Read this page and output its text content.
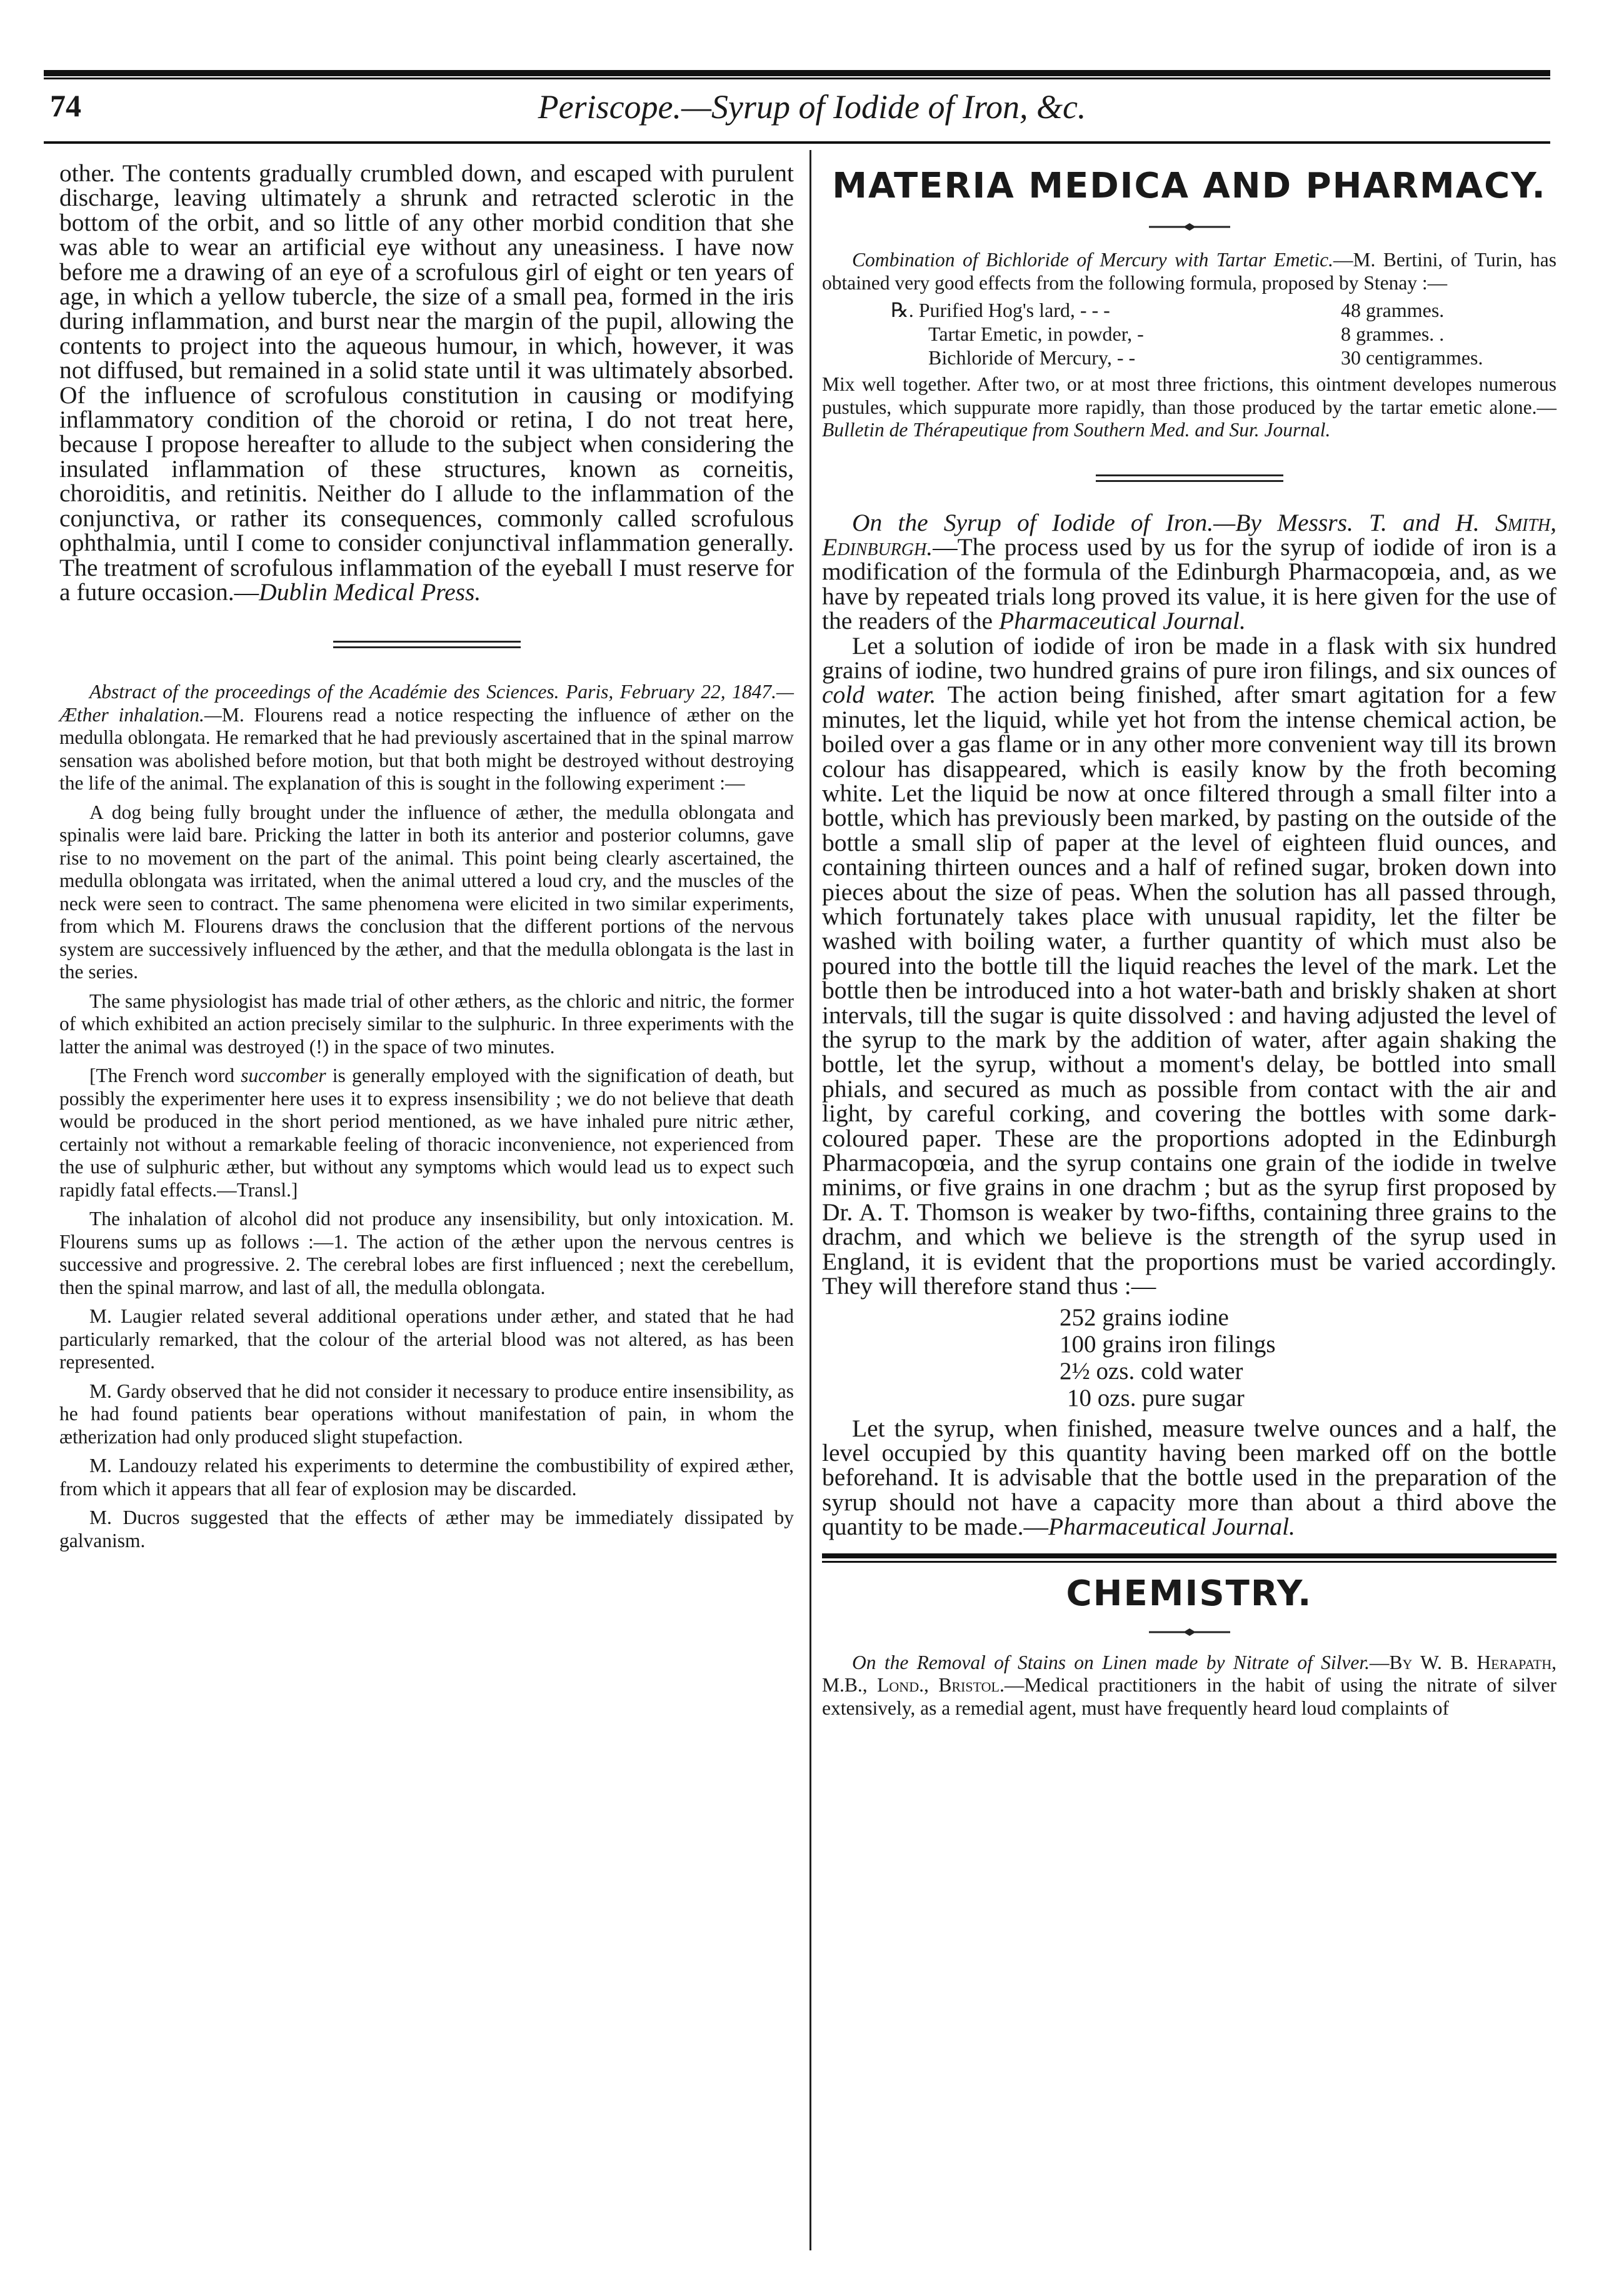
74	Periscope.—Syrup of Iodide of Iron, &c.

other. The contents gradually crumbled down, and escaped with purulent discharge, leaving ultimately a shrunk and retracted sclerotic in the bottom of the orbit, and so little of any other morbid condition that she was able to wear an artificial eye without any uneasiness. I have now before me a drawing of an eye of a scrofulous girl of eight or ten years of age, in which a yellow tubercle, the size of a small pea, formed in the iris during inflammation, and burst near the margin of the pupil, allowing the contents to project into the aqueous humour, in which, however, it was not diffused, but remained in a solid state until it was ultimately absorbed. Of the influence of scrofulous constitution in causing or modifying inflammatory condition of the choroid or retina, I do not treat here, because I propose hereafter to allude to the subject when considering the insulated inflammation of these structures, known as corneitis, choroiditis, and retinitis. Neither do I allude to the inflammation of the conjunctiva, or rather its consequences, commonly called scrofulous ophthalmia, until I come to consider conjunctival inflammation generally. The treatment of scrofulous inflammation of the eyeball I must reserve for a future occasion.—Dublin Medical Press.

Abstract of the proceedings of the Académie des Sciences. Paris, February 22, 1847.—Æther inhalation.—M. Flourens read a notice respecting the influence of æther on the medulla oblongata. He remarked that he had previously ascertained that in the spinal marrow sensation was abolished before motion, but that both might be destroyed without destroying the life of the animal. The explanation of this is sought in the following experiment :—

A dog being fully brought under the influence of æther, the medulla oblongata and spinalis were laid bare. Pricking the latter in both its anterior and posterior columns, gave rise to no movement on the part of the animal. This point being clearly ascertained, the medulla oblongata was irritated, when the animal uttered a loud cry, and the muscles of the neck were seen to contract. The same phenomena were elicited in two similar experiments, from which M. Flourens draws the conclusion that the different portions of the nervous system are successively influenced by the æther, and that the medulla oblongata is the last in the series.

The same physiologist has made trial of other æthers, as the chloric and nitric, the former of which exhibited an action precisely similar to the sulphuric. In three experiments with the latter the animal was destroyed (!) in the space of two minutes.

[The French word succomber is generally employed with the signification of death, but possibly the experimenter here uses it to express insensibility ; we do not believe that death would be produced in the short period mentioned, as we have inhaled pure nitric æther, certainly not without a remarkable feeling of thoracic inconvenience, not experienced from the use of sulphuric æther, but without any symptoms which would lead us to expect such rapidly fatal effects.—Transl.]

The inhalation of alcohol did not produce any insensibility, but only intoxication. M. Flourens sums up as follows :—1. The action of the æther upon the nervous centres is successive and progressive. 2. The cerebral lobes are first influenced ; next the cerebellum, then the spinal marrow, and last of all, the medulla oblongata.

M. Laugier related several additional operations under æther, and stated that he had particularly remarked, that the colour of the arterial blood was not altered, as has been represented.

M. Gardy observed that he did not consider it necessary to produce entire insensibility, as he had found patients bear operations without manifestation of pain, in whom the ætherization had only produced slight stupefaction.

M. Landouzy related his experiments to determine the combustibility of expired æther, from which it appears that all fear of explosion may be discarded.

M. Ducros suggested that the effects of æther may be immediately dissipated by galvanism.

MATERIA MEDICA AND PHARMACY.

Combination of Bichloride of Mercury with Tartar Emetic.—M. Bertini, of Turin, has obtained very good effects from the following formula, proposed by Stenay :—

℞. Purified Hog's lard, - - -	48 grammes.
Tartar Emetic, in powder, -	8 grammes. .
Bichloride of Mercury, - -	30 centigrammes.

Mix well together. After two, or at most three frictions, this ointment developes numerous pustules, which suppurate more rapidly, than those produced by the tartar emetic alone.—Bulletin de Thérapeutique from Southern Med. and Sur. Journal.

On the Syrup of Iodide of Iron.—By Messrs. T. and H. Smith, Edinburgh.—The process used by us for the syrup of iodide of iron is a modification of the formula of the Edinburgh Pharmacopœia, and, as we have by repeated trials long proved its value, it is here given for the use of the readers of the Pharmaceutical Journal.

Let a solution of iodide of iron be made in a flask with six hundred grains of iodine, two hundred grains of pure iron filings, and six ounces of cold water. The action being finished, after smart agitation for a few minutes, let the liquid, while yet hot from the intense chemical action, be boiled over a gas flame or in any other more convenient way till its brown colour has disappeared, which is easily know by the froth becoming white. Let the liquid be now at once filtered through a small filter into a bottle, which has previously been marked, by pasting on the outside of the bottle a small slip of paper at the level of eighteen fluid ounces, and containing thirteen ounces and a half of refined sugar, broken down into pieces about the size of peas. When the solution has all passed through, which fortunately takes place with unusual rapidity, let the filter be washed with boiling water, a further quantity of which must also be poured into the bottle till the liquid reaches the level of the mark. Let the bottle then be introduced into a hot water-bath and briskly shaken at short intervals, till the sugar is quite dissolved : and having adjusted the level of the syrup to the mark by the addition of water, after again shaking the bottle, let the syrup, without a moment's delay, be bottled into small phials, and secured as much as possible from contact with the air and light, by careful corking, and covering the bottles with some dark-coloured paper. These are the proportions adopted in the Edinburgh Pharmacopœia, and the syrup contains one grain of the iodide in twelve minims, or five grains in one drachm ; but as the syrup first proposed by Dr. A. T. Thomson is weaker by two-fifths, containing three grains to the drachm, and which we believe is the strength of the syrup used in England, it is evident that the proportions must be varied accordingly. They will therefore stand thus :—

252 grains iodine
100 grains iron filings
2½ ozs. cold water
10 ozs. pure sugar

Let the syrup, when finished, measure twelve ounces and a half, the level occupied by this quantity having been marked off on the bottle beforehand. It is advisable that the bottle used in the preparation of the syrup should not have a capacity more than about a third above the quantity to be made.—Pharmaceutical Journal.

CHEMISTRY.

On the Removal of Stains on Linen made by Nitrate of Silver.—By W. B. Herapath, M.B., Lond., Bristol.—Medical practitioners in the habit of using the nitrate of silver extensively, as a remedial agent, must have frequently heard loud complaints of
